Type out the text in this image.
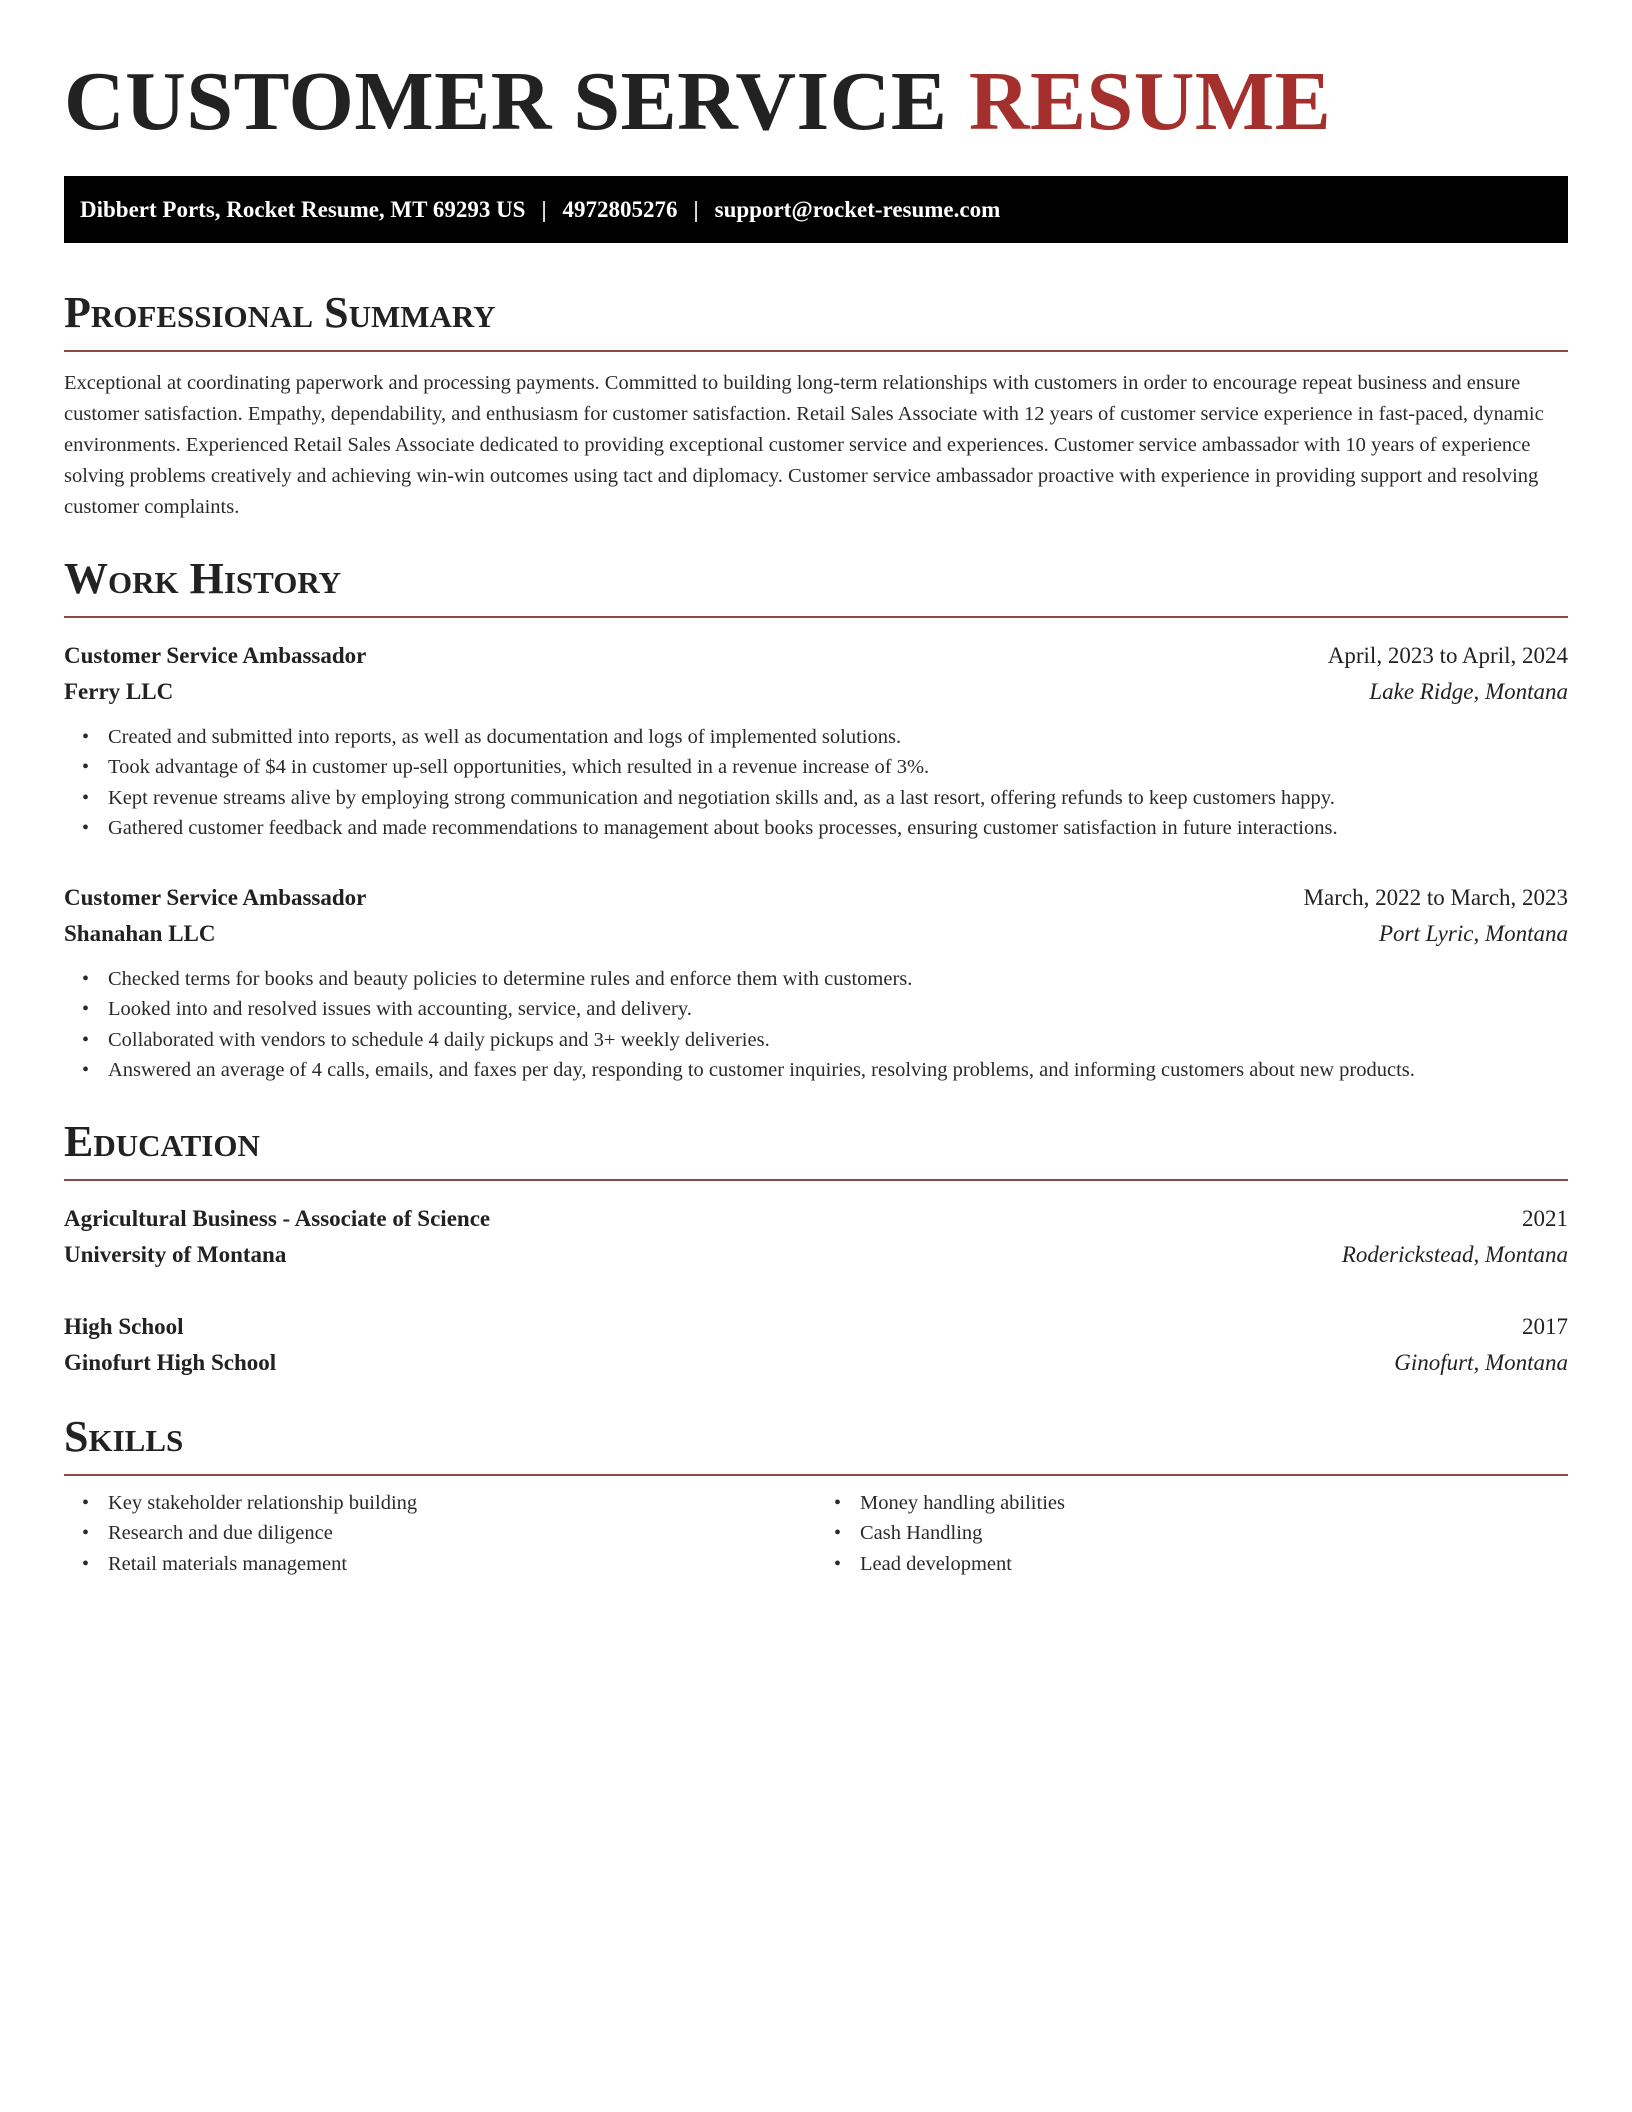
CUSTOMER SERVICE RESUME
Dibbert Ports, Rocket Resume, MT 69293 US | 4972805276 | support@rocket-resume.com
Professional Summary

Exceptional at coordinating paperwork and processing payments. Committed to building long-term relationships with customers in order to encourage repeat business and ensure customer satisfaction. Empathy, dependability, and enthusiasm for customer satisfaction. Retail Sales Associate with 12 years of customer service experience in fast-paced, dynamic environments. Experienced Retail Sales Associate dedicated to providing exceptional customer service and experiences. Customer service ambassador with 10 years of experience solving problems creatively and achieving win-win outcomes using tact and diplomacy. Customer service ambassador proactive with experience in providing support and resolving customer complaints.

Work History
Customer Service Ambassador	April, 2023 to April, 2024
Ferry LLC	Lake Ridge, Montana
• Created and submitted into reports, as well as documentation and logs of implemented solutions.
• Took advantage of $4 in customer up-sell opportunities, which resulted in a revenue increase of 3%.
• Kept revenue streams alive by employing strong communication and negotiation skills and, as a last resort, offering refunds to keep customers happy.
• Gathered customer feedback and made recommendations to management about books processes, ensuring customer satisfaction in future interactions.
Customer Service Ambassador	March, 2022 to March, 2023
Shanahan LLC	Port Lyric, Montana
• Checked terms for books and beauty policies to determine rules and enforce them with customers.
• Looked into and resolved issues with accounting, service, and delivery.
• Collaborated with vendors to schedule 4 daily pickups and 3+ weekly deliveries.
• Answered an average of 4 calls, emails, and faxes per day, responding to customer inquiries, resolving problems, and informing customers about new products.
Education
Agricultural Business - Associate of Science	2021
University of Montana	Roderickstead, Montana
High School	2017
Ginofurt High School	Ginofurt, Montana
Skills
• Key stakeholder relationship building
• Research and due diligence
• Retail materials management
• Money handling abilities
• Cash Handling
• Lead development
